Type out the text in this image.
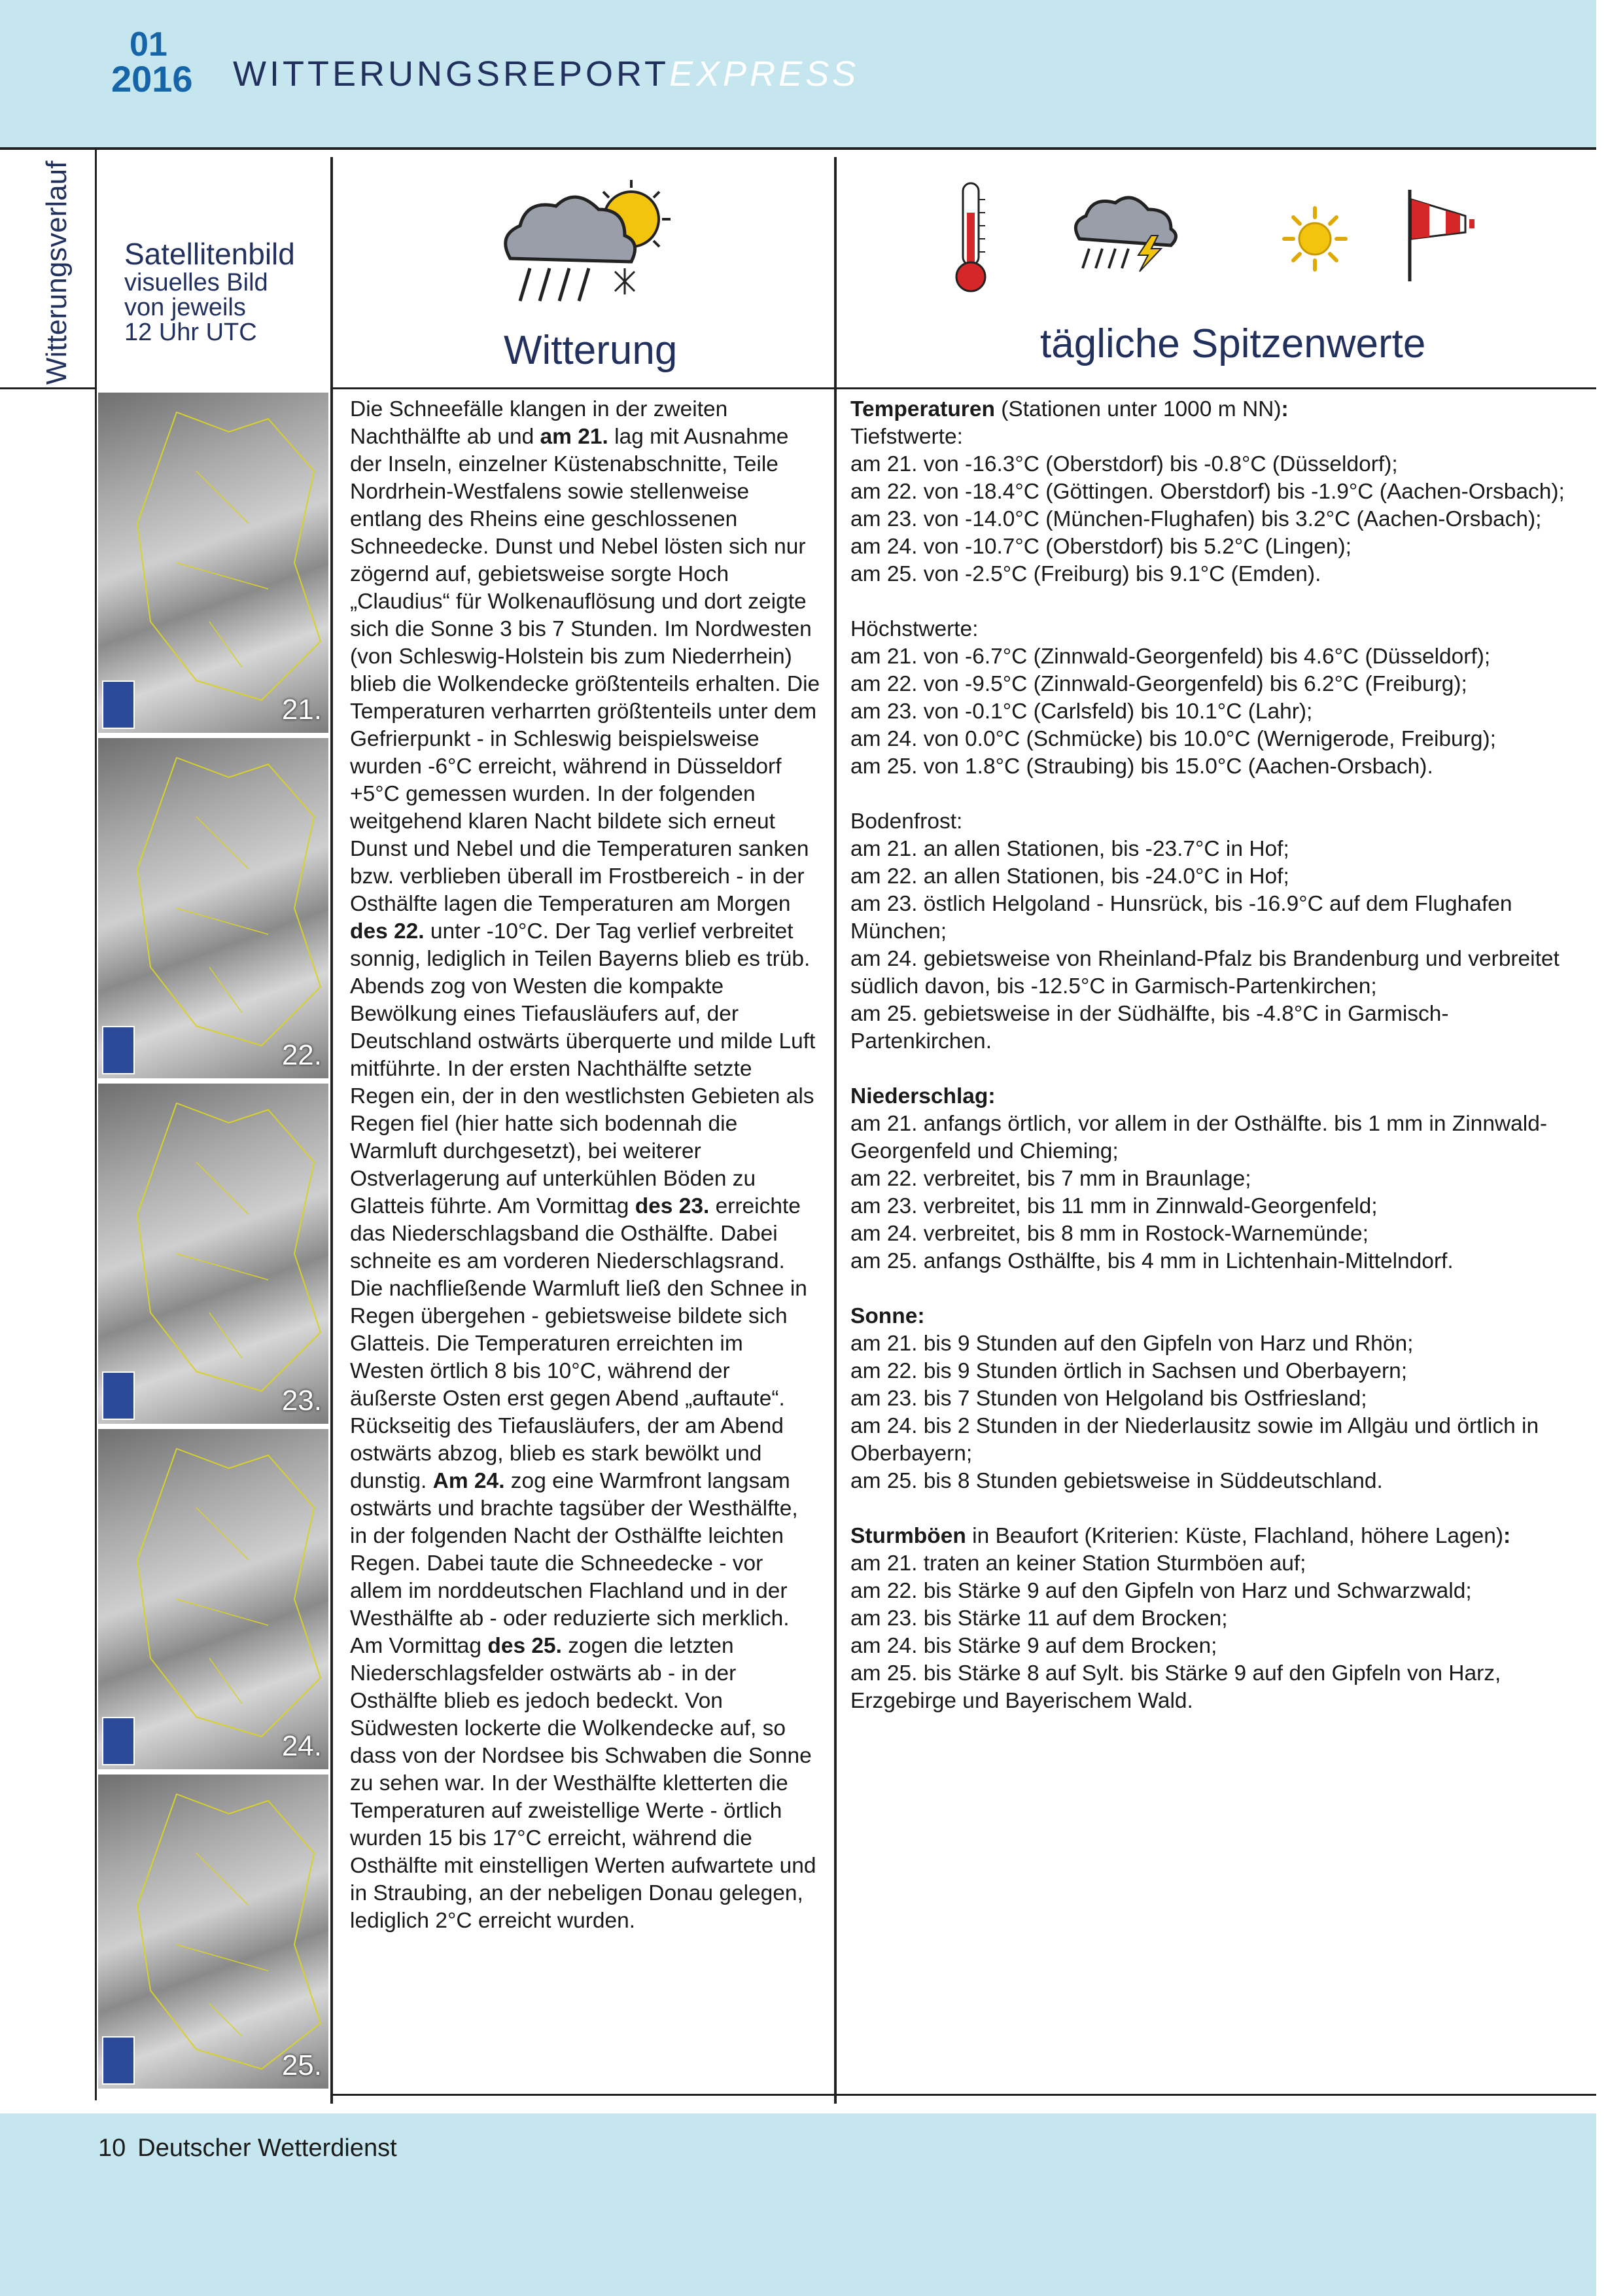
01
2016 WITTERUNGSREPORTEXPRESS
Witterungsverlauf Satellitenbild
visuelles Bild
von jeweils
12 Uhr UTC	Witterung	tägliche Spitzenwerte
21.
22.
23.
24.
25.

Die Schneefälle klangen in der zweiten Nachthälfte ab und am 21. lag mit Ausnahme der Inseln, einzelner Küstenabschnitte, Teile Nordrhein-Westfalens sowie stellenweise entlang des Rheins eine geschlossenen Schneedecke. Dunst und Nebel lösten sich nur zögernd auf, gebietsweise sorgte Hoch „Claudius“ für Wolkenauflösung und dort zeigte sich die Sonne 3 bis 7 Stunden. Im Nordwesten (von Schleswig-Holstein bis zum Niederrhein) blieb die Wolkendecke größtenteils erhalten. Die Temperaturen verharrten größtenteils unter dem Gefrierpunkt - in Schleswig beispielsweise wurden -6°C erreicht, während in Düsseldorf +5°C gemessen wurden. In der folgenden weitgehend klaren Nacht bildete sich erneut Dunst und Nebel und die Temperaturen sanken bzw. verblieben überall im Frostbereich - in der Osthälfte lagen die Temperaturen am Morgen des 22. unter -10°C. Der Tag verlief verbreitet sonnig, lediglich in Teilen Bayerns blieb es trüb. Abends zog von Westen die kompakte Bewölkung eines Tiefausläufers auf, der Deutschland ostwärts überquerte und milde Luft mitführte. In der ersten Nachthälfte setzte Regen ein, der in den westlichsten Gebieten als Regen fiel (hier hatte sich bodennah die Warmluft durchgesetzt), bei weiterer Ostverlagerung auf unterkühlen Böden zu Glatteis führte. Am Vormittag des 23. erreichte das Niederschlagsband die Osthälfte. Dabei schneite es am vorderen Niederschlagsrand. Die nachfließende Warmluft ließ den Schnee in Regen übergehen - gebietsweise bildete sich Glatteis. Die Temperaturen erreichten im Westen örtlich 8 bis 10°C, während der äußerste Osten erst gegen Abend „auftaute“. Rückseitig des Tiefausläufers, der am Abend ostwärts abzog, blieb es stark bewölkt und dunstig. Am 24. zog eine Warmfront langsam ostwärts und brachte tagsüber der Westhälfte, in der folgenden Nacht der Osthälfte leichten Regen. Dabei taute die Schneedecke - vor allem im norddeutschen Flachland und in der Westhälfte ab - oder reduzierte sich merklich. Am Vormittag des 25. zogen die letzten Niederschlagsfelder ostwärts ab - in der Osthälfte blieb es jedoch bedeckt. Von Südwesten lockerte die Wolkendecke auf, so dass von der Nordsee bis Schwaben die Sonne zu sehen war. In der Westhälfte kletterten die Temperaturen auf zweistellige Werte - örtlich wurden 15 bis 17°C erreicht, während die Osthälfte mit einstelligen Werten aufwartete und in Straubing, an der nebeligen Donau gelegen, lediglich 2°C erreicht wurden.

Temperaturen (Stationen unter 1000 m NN):

Tiefstwerte:

am 21. von -16.3°C (Oberstdorf) bis -0.8°C (Düsseldorf);

am 22. von -18.4°C (Göttingen. Oberstdorf) bis -1.9°C (Aachen-Orsbach);

am 23. von -14.0°C (München-Flughafen) bis 3.2°C (Aachen-Orsbach);

am 24. von -10.7°C (Oberstdorf) bis 5.2°C (Lingen);

am 25. von -2.5°C (Freiburg) bis 9.1°C (Emden).

Höchstwerte:

am 21. von -6.7°C (Zinnwald-Georgenfeld) bis 4.6°C (Düsseldorf);

am 22. von -9.5°C (Zinnwald-Georgenfeld) bis 6.2°C (Freiburg);

am 23. von -0.1°C (Carlsfeld) bis 10.1°C (Lahr);

am 24. von 0.0°C (Schmücke) bis 10.0°C (Wernigerode, Freiburg);

am 25. von 1.8°C (Straubing) bis 15.0°C (Aachen-Orsbach).

Bodenfrost:

am 21. an allen Stationen, bis -23.7°C in Hof;

am 22. an allen Stationen, bis -24.0°C in Hof;

am 23. östlich Helgoland - Hunsrück, bis -16.9°C auf dem Flughafen München;

am 24. gebietsweise von Rheinland-Pfalz bis Brandenburg und verbreitet südlich davon, bis -12.5°C in Garmisch-Partenkirchen;

am 25. gebietsweise in der Südhälfte, bis -4.8°C in Garmisch-Partenkirchen.

Niederschlag:

am 21. anfangs örtlich, vor allem in der Osthälfte. bis 1 mm in Zinnwald-Georgenfeld und Chieming;

am 22. verbreitet, bis 7 mm in Braunlage;

am 23. verbreitet, bis 11 mm in Zinnwald-Georgenfeld;

am 24. verbreitet, bis 8 mm in Rostock-Warnemünde;

am 25. anfangs Osthälfte, bis 4 mm in Lichtenhain-Mittelndorf.

Sonne:

am 21. bis 9 Stunden auf den Gipfeln von Harz und Rhön;

am 22. bis 9 Stunden örtlich in Sachsen und Oberbayern;

am 23. bis 7 Stunden von Helgoland bis Ostfriesland;

am 24. bis 2 Stunden in der Niederlausitz sowie im Allgäu und örtlich in Oberbayern;

am 25. bis 8 Stunden gebietsweise in Süddeutschland.

Sturmböen in Beaufort (Kriterien: Küste, Flachland, höhere Lagen):

am 21. traten an keiner Station Sturmböen auf;

am 22. bis Stärke 9 auf den Gipfeln von Harz und Schwarzwald;

am 23. bis Stärke 11 auf dem Brocken;

am 24. bis Stärke 9 auf dem Brocken;

am 25. bis Stärke 8 auf Sylt. bis Stärke 9 auf den Gipfeln von Harz, Erzgebirge und Bayerischem Wald.

10 Deutscher Wetterdienst
